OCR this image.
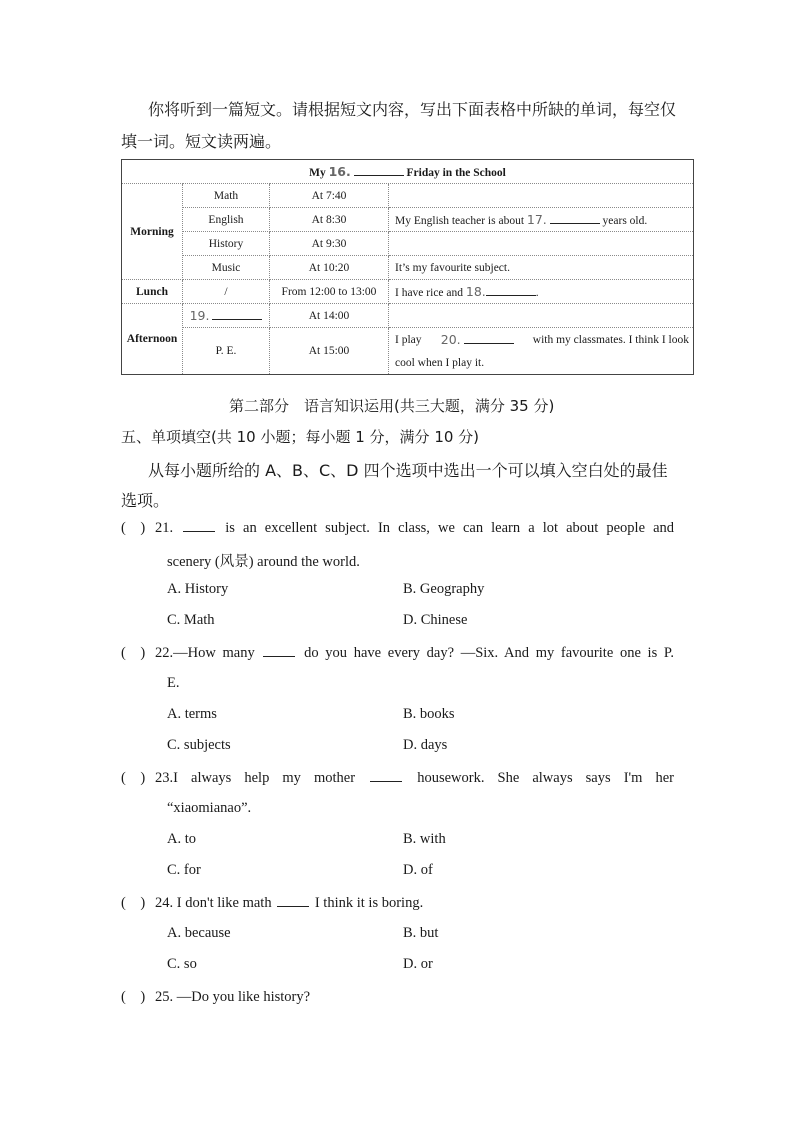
你将听到一篇短文。请根据短文内容，写出下面表格中所缺的单词，每空仅
填一词。短文读两遍。
My 16. Friday in the School			
Morning	Math	At 7:40	
	English	At 8:30	My English teacher is about 17. years old.
	History	At 9:30	
	Music	At 10:20	It’s my favourite subject.
Lunch	/	From 12:00 to 13:00	I have rice and 18. .
Afternoon	19.	At 14:00	
	P. E.	At 15:00	I play 20. with my classmates. I think I look
cool when I play it.
第二部分　语言知识运用(共三大题，满分 35 分)
五、单项填空(共 10 小题；每小题 1 分，满分 10 分)
从每小题所给的 A、B、C、D 四个选项中选出一个可以填入空白处的最佳
选项。
(　) 21.	is an excellent subject. In class, we can learn a lot about people and
scenery (风景) around the world.
A. History	B. Geography
C. Math	D. Chinese
(　) 22.—How many	do you have every day? —Six. And my favourite one is P.
E.
A. terms	B. books
C. subjects	D. days
(　) 23.I always help my mother	housework. She always says I'm her
“xiaomianao”.
A. to	B. with
C. for	D. of
(　) 24. I don't like math	I think it is boring.
A. because	B. but
C. so	D. or
(　) 25. —Do you like history?
